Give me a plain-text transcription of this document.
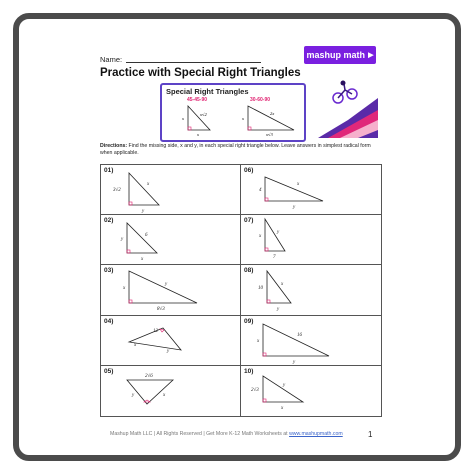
Name:	mashup math ▶
Practice with Special Right Triangles
Special Right Triangles
45-45-90	30-60-90
x
x
x√2
x
2x
x√3
Directions: Find the missing side, x and y, in each special right triangle below. Leave answers in simplest radical form when applicable.
01)
3√2
x
y
06)
4
x
y
02)
y
6
x
07)
x
y
7
03)
x
y
8√3
08)
10
x
y
04)
12
x
y
09)
16
x
y
05)
2√6
y	x
10)
2√3
y
x
Mashup Math LLC | All Rights Reserved | Get More K-12 Math Worksheets at www.mashupmath.com	1
